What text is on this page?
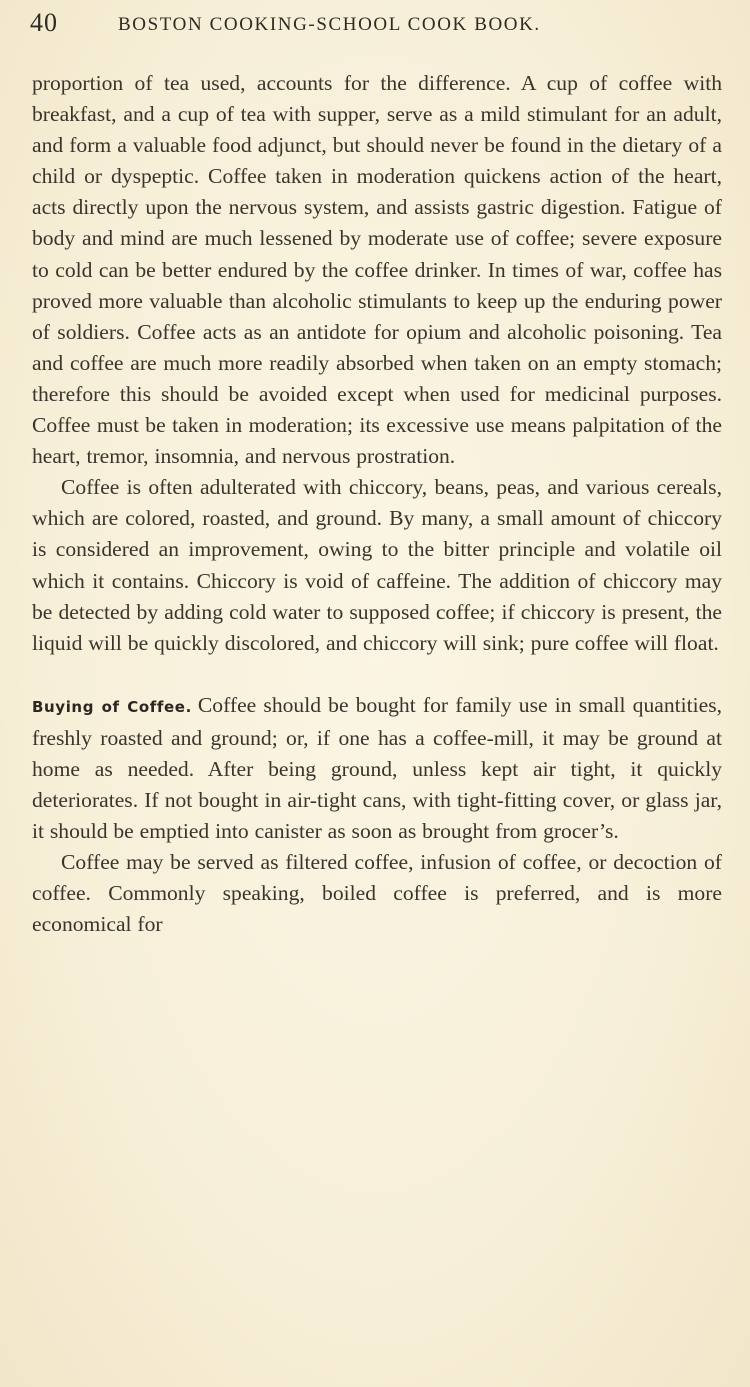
40	BOSTON COOKING-SCHOOL COOK BOOK.

proportion of tea used, accounts for the difference. A cup of coffee with breakfast, and a cup of tea with supper, serve as a mild stimulant for an adult, and form a valuable food adjunct, but should never be found in the dietary of a child or dyspeptic. Coffee taken in moderation quickens action of the heart, acts directly upon the nervous system, and assists gastric digestion. Fatigue of body and mind are much lessened by moderate use of coffee; severe exposure to cold can be better endured by the coffee drinker. In times of war, coffee has proved more valuable than alcoholic stimulants to keep up the enduring power of soldiers. Coffee acts as an antidote for opium and alcoholic poisoning. Tea and coffee are much more readily absorbed when taken on an empty stomach; therefore this should be avoided except when used for medicinal purposes. Coffee must be taken in moderation; its excessive use means palpitation of the heart, tremor, insomnia, and nervous prostration.

Coffee is often adulterated with chiccory, beans, peas, and various cereals, which are colored, roasted, and ground. By many, a small amount of chiccory is considered an improvement, owing to the bitter principle and volatile oil which it contains. Chiccory is void of caffeine. The addition of chiccory may be detected by adding cold water to supposed coffee; if chiccory is present, the liquid will be quickly discolored, and chiccory will sink; pure coffee will float.

Buying of Coffee. Coffee should be bought for family use in small quantities, freshly roasted and ground; or, if one has a coffee-mill, it may be ground at home as needed. After being ground, unless kept air tight, it quickly deteriorates. If not bought in air-tight cans, with tight-fitting cover, or glass jar, it should be emptied into canister as soon as brought from grocer’s.

Coffee may be served as filtered coffee, infusion of coffee, or decoction of coffee. Commonly speaking, boiled coffee is preferred, and is more economical for
